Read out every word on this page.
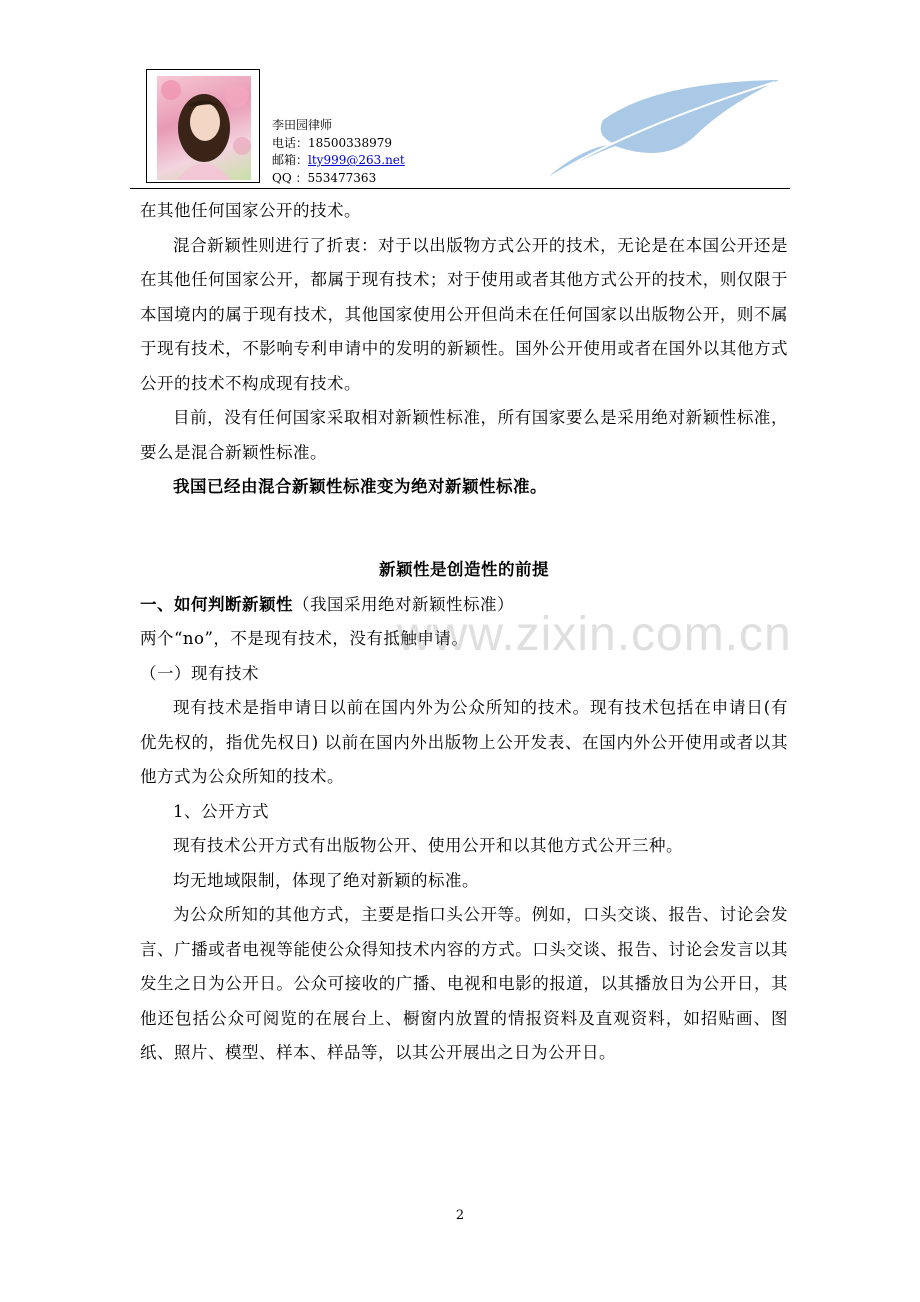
李田园律师
电话：18500338979
邮箱：lty999@263.net
QQ ：553477363

在其他任何国家公开的技术。

混合新颖性则进行了折衷：对于以出版物方式公开的技术，无论是在本国公开还是在其他任何国家公开，都属于现有技术；对于使用或者其他方式公开的技术，则仅限于本国境内的属于现有技术，其他国家使用公开但尚未在任何国家以出版物公开，则不属于现有技术，不影响专利申请中的发明的新颖性。国外公开使用或者在国外以其他方式公开的技术不构成现有技术。

目前，没有任何国家采取相对新颖性标准，所有国家要么是采用绝对新颖性标准，要么是混合新颖性标准。

我国已经由混合新颖性标准变为绝对新颖性标准。

新颖性是创造性的前提

一、如何判断新颖性（我国采用绝对新颖性标准）

两个“no”，不是现有技术，没有抵触申请。

（一）现有技术

现有技术是指申请日以前在国内外为公众所知的技术。现有技术包括在申请日(有优先权的，指优先权日) 以前在国内外出版物上公开发表、在国内外公开使用或者以其他方式为公众所知的技术。

1、公开方式

现有技术公开方式有出版物公开、使用公开和以其他方式公开三种。

均无地域限制，体现了绝对新颖的标准。

为公众所知的其他方式，主要是指口头公开等。例如，口头交谈、报告、讨论会发言、广播或者电视等能使公众得知技术内容的方式。口头交谈、报告、讨论会发言以其发生之日为公开日。公众可接收的广播、电视和电影的报道，以其播放日为公开日，其他还包括公众可阅览的在展台上、橱窗内放置的情报资料及直观资料，如招贴画、图纸、照片、模型、样本、样品等，以其公开展出之日为公开日。

www.zixin.com.cn
2
